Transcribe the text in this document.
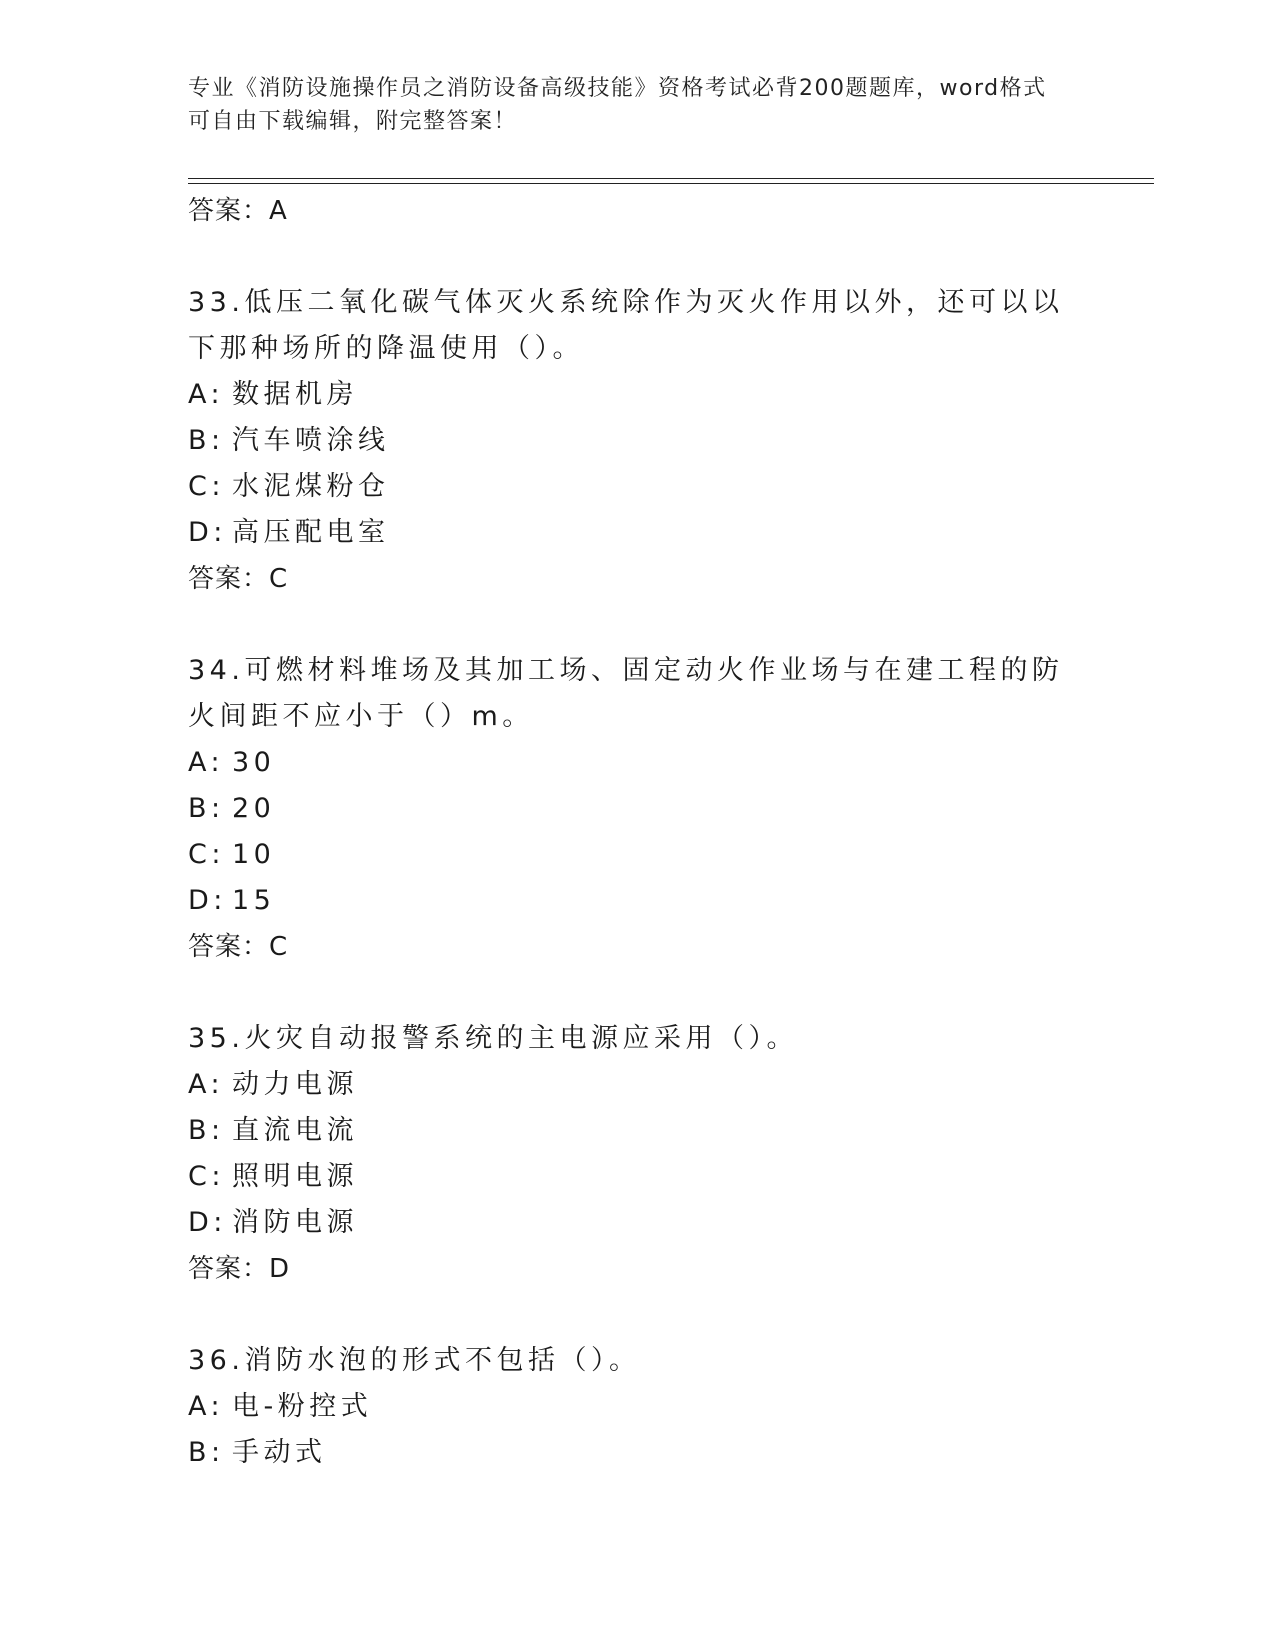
专业《消防设施操作员之消防设备高级技能》资格考试必背200题题库，word格式可自由下载编辑，附完整答案！
答案：A

33.低压二氧化碳气体灭火系统除作为灭火作用以外，还可以以下那种场所的降温使用（）。

A: 数据机房
B: 汽车喷涂线
C: 水泥煤粉仓
D: 高压配电室
答案：C

34.可燃材料堆场及其加工场、固定动火作业场与在建工程的防火间距不应小于（）m。

A: 30
B: 20
C: 10
D: 15
答案：C

35.火灾自动报警系统的主电源应采用（）。

A: 动力电源
B: 直流电流
C: 照明电源
D: 消防电源
答案：D

36.消防水泡的形式不包括（）。

A: 电-粉控式
B: 手动式
